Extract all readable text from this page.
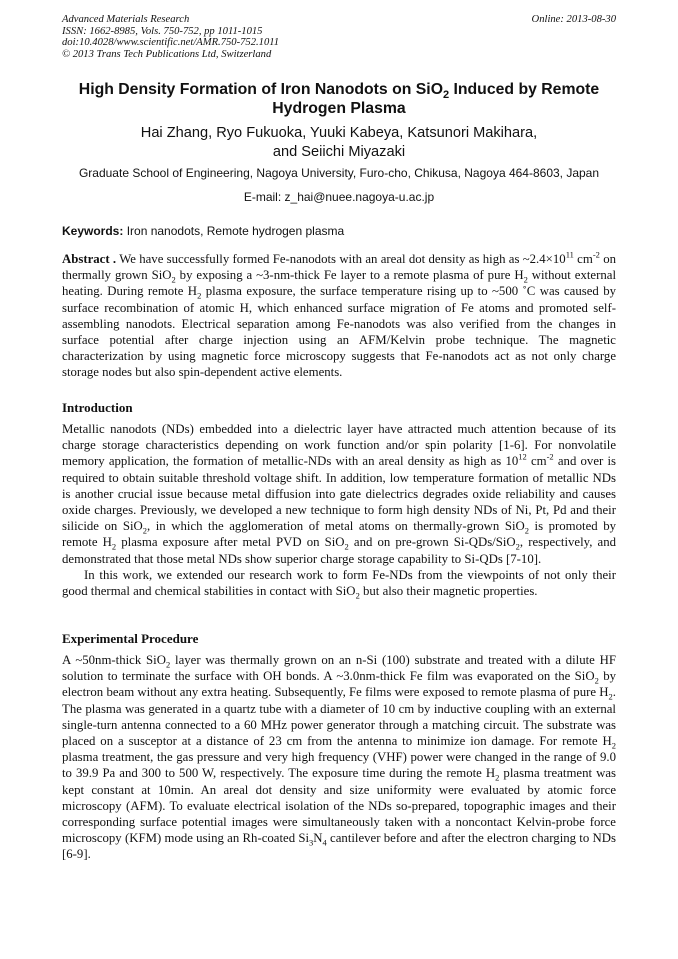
Advanced Materials Research
ISSN: 1662-8985, Vols. 750-752, pp 1011-1015
doi:10.4028/www.scientific.net/AMR.750-752.1011
© 2013 Trans Tech Publications Ltd, Switzerland
Online: 2013-08-30
High Density Formation of Iron Nanodots on SiO$_2$ Induced by Remote
Hydrogen Plasma
Hai Zhang, Ryo Fukuoka, Yuuki Kabeya, Katsunori Makihara,
and Seiichi Miyazaki
Graduate School of Engineering, Nagoya University, Furo-cho, Chikusa, Nagoya 464-8603, Japan
E-mail: z_hai@nuee.nagoya-u.ac.jp
Keywords: Iron nanodots, Remote hydrogen plasma

Abstract . We have successfully formed Fe-nanodots with an areal dot density as high as $\sim 2.4\times 10^{11}$ $cm^{-2}$ on thermally grown SiO$_2$ by exposing a ~3-nm-thick Fe layer to a remote plasma of pure $H_2$ without external heating. During remote $H_2$ plasma exposure, the surface temperature rising up to ~500 ˚C was caused by surface recombination of atomic H, which enhanced surface migration of Fe atoms and promoted self-assembling nanodots. Electrical separation among Fe-nanodots was also verified from the changes in surface potential after charge injection using an AFM/Kelvin probe technique. The magnetic characterization by using magnetic force microscopy suggests that Fe-nanodots act as not only charge storage nodes but also spin-dependent active elements.

Introduction

Metallic nanodots (NDs) embedded into a dielectric layer have attracted much attention because of its charge storage characteristics depending on work function and/or spin polarity [1-6]. For nonvolatile memory application, the formation of metallic-NDs with an areal density as high as $10^{12}$ $cm^{-2}$ and over is required to obtain suitable threshold voltage shift. In addition, low temperature formation of metallic NDs is another crucial issue because metal diffusion into gate dielectrics degrades oxide reliability and causes oxide charges. Previously, we developed a new technique to form high density NDs of Ni, Pt, Pd and their silicide on SiO$_2$, in which the agglomeration of metal atoms on thermally-grown SiO$_2$ is promoted by remote $H_2$ plasma exposure after metal PVD on SiO$_2$ and on pre-grown Si-QDs/SiO$_2$, respectively, and demonstrated that those metal NDs show superior charge storage capability to Si-QDs [7-10].

In this work, we extended our research work to form Fe-NDs from the viewpoints of not only their good thermal and chemical stabilities in contact with SiO$_2$ but also their magnetic properties.

Experimental Procedure

A ~50nm-thick SiO$_2$ layer was thermally grown on an n-Si (100) substrate and treated with a dilute HF solution to terminate the surface with OH bonds. A ~3.0nm-thick Fe film was evaporated on the SiO$_2$ by electron beam without any extra heating. Subsequently, Fe films were exposed to remote plasma of pure $H_2$. The plasma was generated in a quartz tube with a diameter of 10 cm by inductive coupling with an external single-turn antenna connected to a 60 MHz power generator through a matching circuit. The substrate was placed on a susceptor at a distance of 23 cm from the antenna to minimize ion damage. For remote $H_2$ plasma treatment, the gas pressure and very high frequency (VHF) power were changed in the range of 9.0 to 39.9 Pa and 300 to 500 W, respectively. The exposure time during the remote $H_2$ plasma treatment was kept constant at 10min. An areal dot density and size uniformity were evaluated by atomic force microscopy (AFM). To evaluate electrical isolation of the NDs so-prepared, topographic images and their corresponding surface potential images were simultaneously taken with a noncontact Kelvin-probe force microscopy (KFM) mode using an Rh-coated $Si_3N_4$ cantilever before and after the electron charging to NDs [6-9].
